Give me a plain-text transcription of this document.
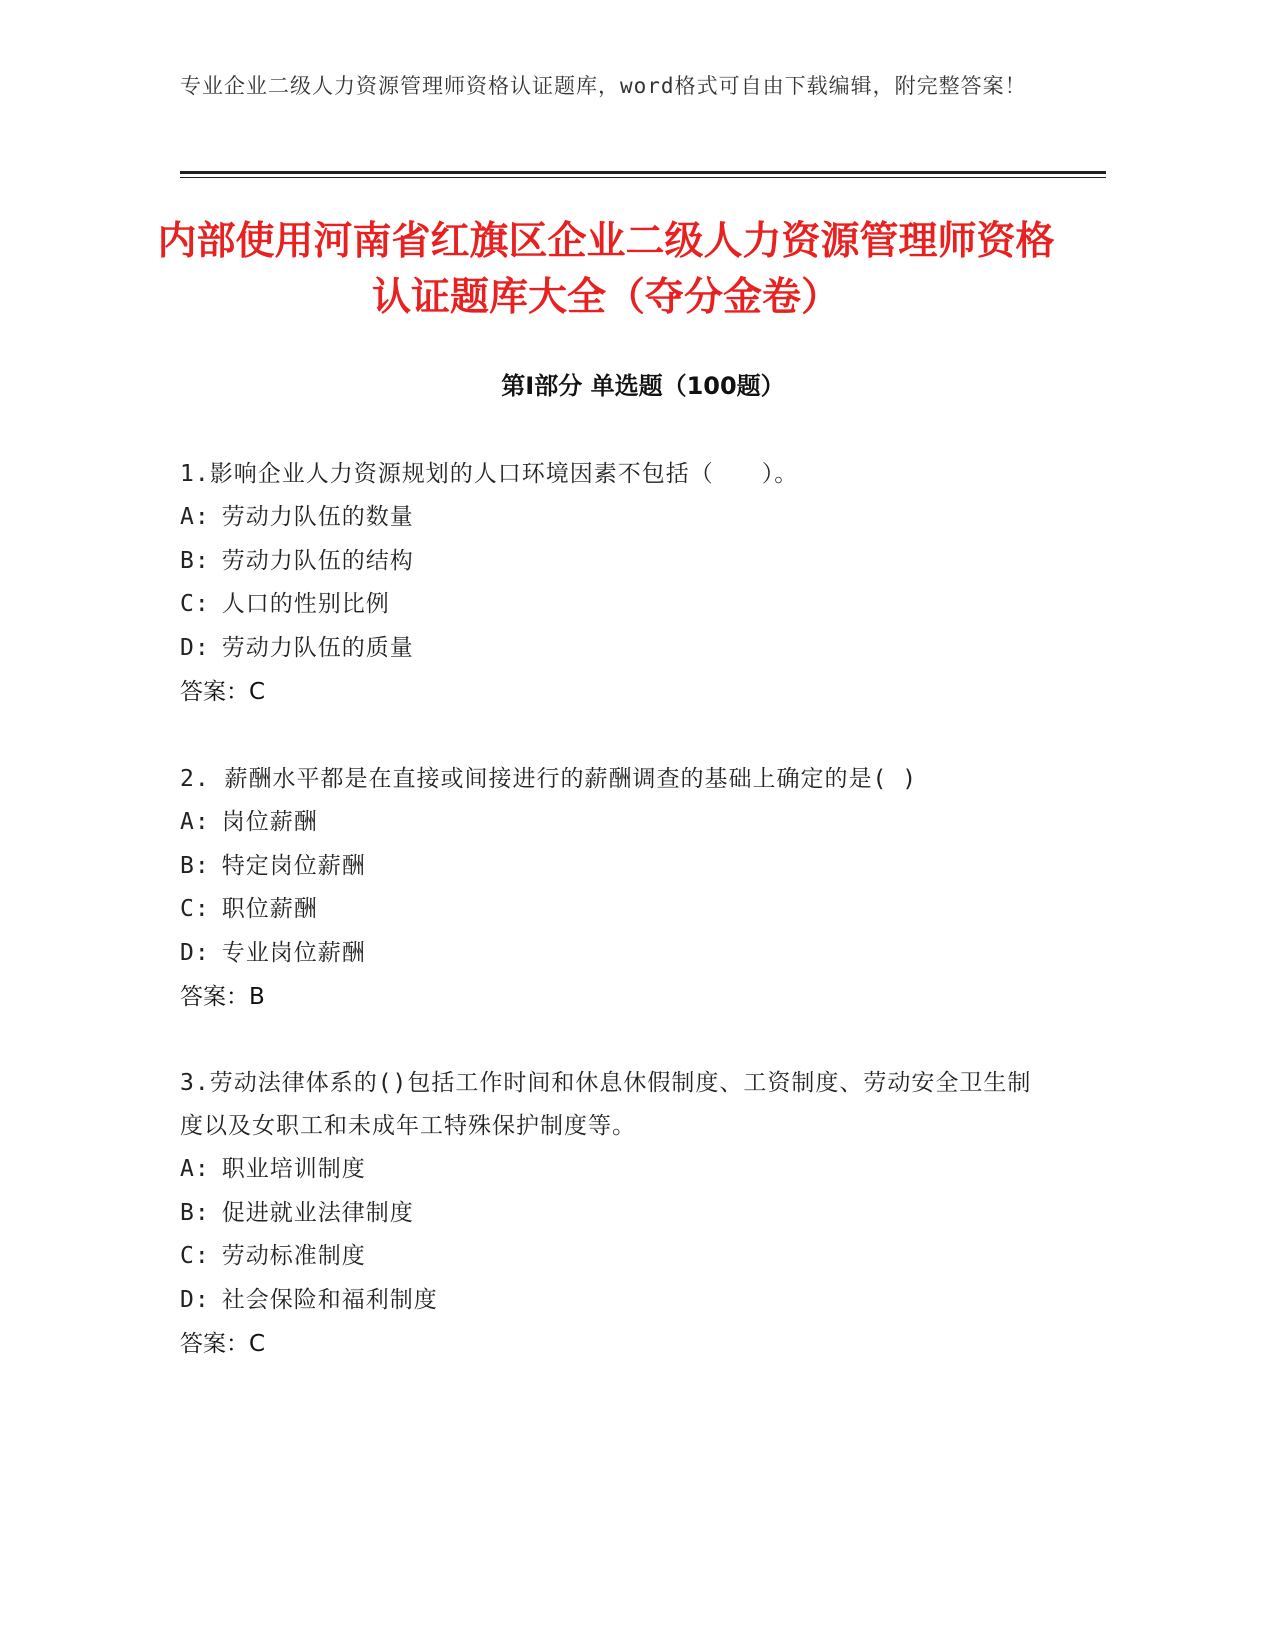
专业企业二级人力资源管理师资格认证题库，word格式可自由下载编辑，附完整答案！
内部使用河南省红旗区企业二级人力资源管理师资格认证题库大全（夺分金卷）
第Ⅰ部分 单选题（100题）
1.影响企业人力资源规划的人口环境因素不包括（　　）。
A: 劳动力队伍的数量
B: 劳动力队伍的结构
C: 人口的性别比例
D: 劳动力队伍的质量
答案：C
2. 薪酬水平都是在直接或间接进行的薪酬调查的基础上确定的是( )
A: 岗位薪酬
B: 特定岗位薪酬
C: 职位薪酬
D: 专业岗位薪酬
答案：B
3.劳动法律体系的()包括工作时间和休息休假制度、工资制度、劳动安全卫生制度以及女职工和未成年工特殊保护制度等。
A: 职业培训制度
B: 促进就业法律制度
C: 劳动标准制度
D: 社会保险和福利制度
答案：C
